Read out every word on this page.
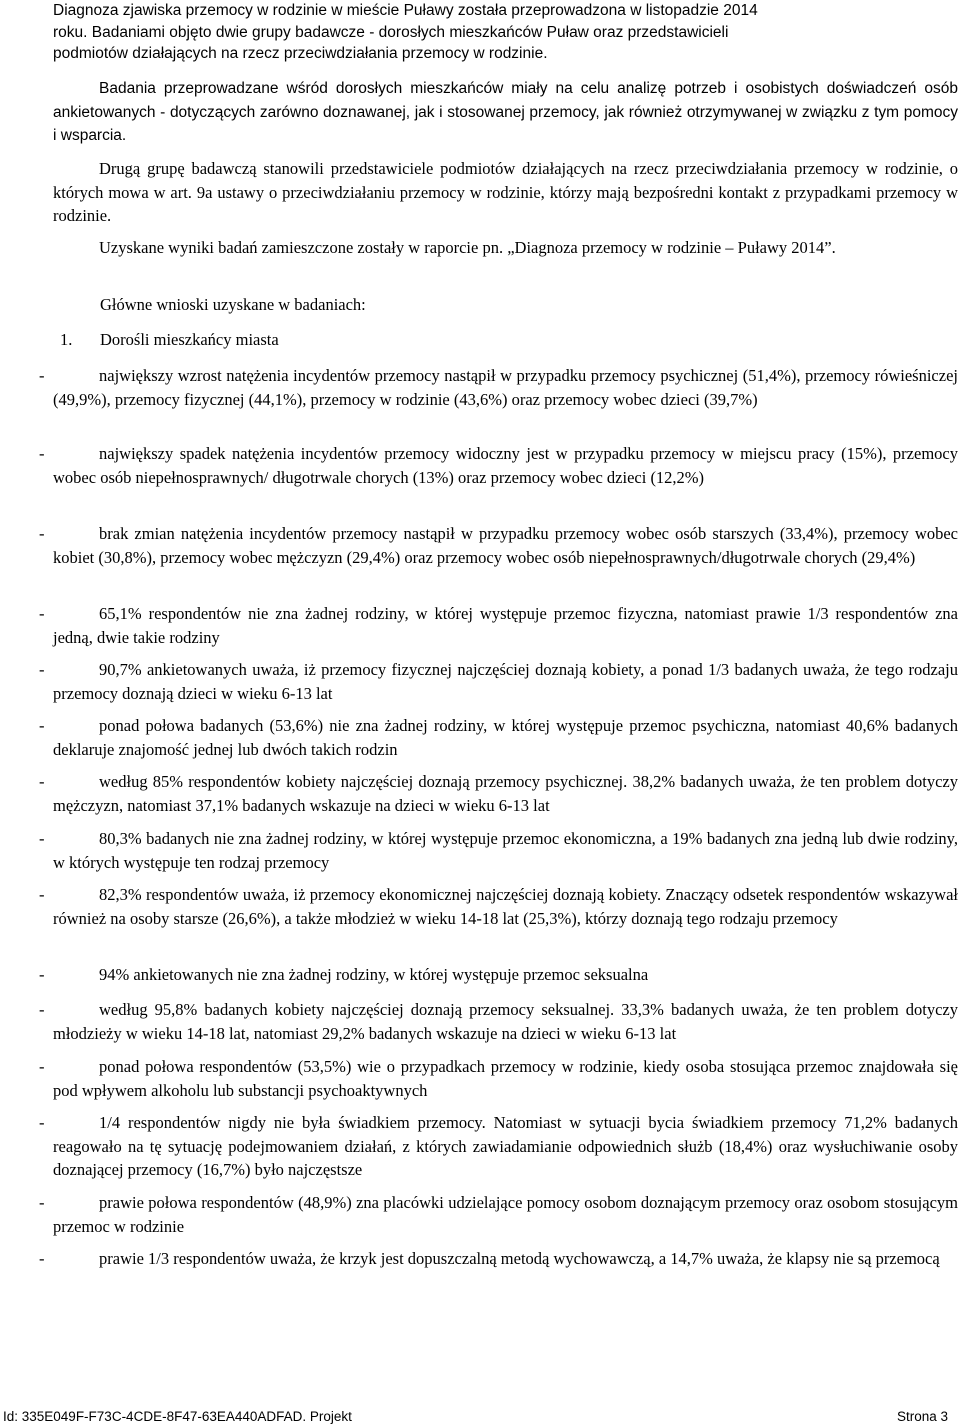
Diagnoza zjawiska przemocy w rodzinie w mieście Puławy została przeprowadzona w listopadzie 2014
roku. Badaniami objęto dwie grupy badawcze - dorosłych mieszkańców Puław oraz przedstawicieli
podmiotów działających na rzecz przeciwdziałania przemocy w rodzinie.

Badania przeprowadzane wśród dorosłych mieszkańców miały na celu analizę potrzeb i osobistych doświadczeń osób ankietowanych - dotyczących zarówno doznawanej, jak i stosowanej przemocy, jak również otrzymywanej w związku z tym pomocy i wsparcia.

Drugą grupę badawczą stanowili przedstawiciele podmiotów działających na rzecz przeciwdziałania przemocy w rodzinie, o których mowa w art. 9a ustawy o przeciwdziałaniu przemocy w rodzinie, którzy mają bezpośredni kontakt z przypadkami przemocy w rodzinie.

Uzyskane wyniki badań zamieszczone zostały w raporcie pn. „Diagnoza przemocy w rodzinie – Puławy 2014”.

Główne wnioski uzyskane w badaniach:
1. Dorośli mieszkańcy miasta
-	największy wzrost natężenia incydentów przemocy nastąpił w przypadku przemocy psychicznej (51,4%), przemocy rówieśniczej (49,9%), przemocy fizycznej (44,1%), przemocy w rodzinie (43,6%) oraz przemocy wobec dzieci (39,7%)

-	największy spadek natężenia incydentów przemocy widoczny jest w przypadku przemocy w miejscu pracy (15%), przemocy wobec osób niepełnosprawnych/ długotrwale chorych (13%) oraz przemocy wobec dzieci (12,2%)

-	brak zmian natężenia incydentów przemocy nastąpił w przypadku przemocy wobec osób starszych (33,4%), przemocy wobec kobiet (30,8%), przemocy wobec mężczyzn (29,4%) oraz przemocy wobec osób niepełnosprawnych/długotrwale chorych (29,4%)

-	65,1% respondentów nie zna żadnej rodziny, w której występuje przemoc fizyczna, natomiast prawie 1/3 respondentów zna jedną, dwie takie rodziny

-	90,7% ankietowanych uważa, iż przemocy fizycznej najczęściej doznają kobiety, a ponad 1/3 badanych uważa, że tego rodzaju przemocy doznają dzieci w wieku 6-13 lat

-	ponad połowa badanych (53,6%) nie zna żadnej rodziny, w której występuje przemoc psychiczna, natomiast 40,6% badanych deklaruje znajomość jednej lub dwóch takich rodzin

-	według 85% respondentów kobiety najczęściej doznają przemocy psychicznej. 38,2% badanych uważa, że ten problem dotyczy mężczyzn, natomiast 37,1% badanych wskazuje na dzieci w wieku 6-13 lat

-	80,3% badanych nie zna żadnej rodziny, w której występuje przemoc ekonomiczna, a 19% badanych zna jedną lub dwie rodziny, w których występuje ten rodzaj przemocy

-	82,3% respondentów uważa, iż przemocy ekonomicznej najczęściej doznają kobiety. Znaczący odsetek respondentów wskazywał również na osoby starsze (26,6%), a także młodzież w wieku 14-18 lat (25,3%), którzy doznają tego rodzaju przemocy

-	94% ankietowanych nie zna żadnej rodziny, w której występuje przemoc seksualna

-	według 95,8% badanych kobiety najczęściej doznają przemocy seksualnej. 33,3% badanych uważa, że ten problem dotyczy młodzieży w wieku 14-18 lat, natomiast 29,2% badanych wskazuje na dzieci w wieku 6-13 lat

-	ponad połowa respondentów (53,5%) wie o przypadkach przemocy w rodzinie, kiedy osoba stosująca przemoc znajdowała się pod wpływem alkoholu lub substancji psychoaktywnych

-	1/4 respondentów nigdy nie była świadkiem przemocy. Natomiast w sytuacji bycia świadkiem przemocy 71,2% badanych reagowało na tę sytuację podejmowaniem działań, z których zawiadamianie odpowiednich służb (18,4%) oraz wysłuchiwanie osoby doznającej przemocy (16,7%) było najczęstsze

-	prawie połowa respondentów (48,9%) zna placówki udzielające pomocy osobom doznającym przemocy oraz osobom stosującym przemoc w rodzinie

-	prawie 1/3 respondentów uważa, że krzyk jest dopuszczalną metodą wychowawczą, a 14,7% uważa, że klapsy nie są przemocą

Id: 335E049F-F73C-4CDE-8F47-63EA440ADFAD. Projekt	Strona 3
